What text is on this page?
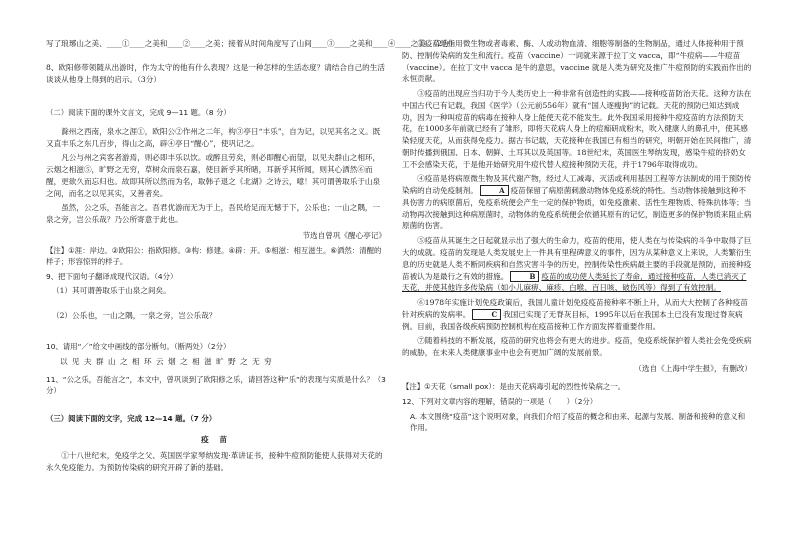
写了琅琊山之美、____①____之美和____②____之美；接着从时间角度写了山间____③____之美和____④____之美。（2分）

8、欧阳修带领随从出游时，作为太守的他有什么表现？这是一种怎样的生活态度？请结合自己的生活谈谈从他身上得到的启示。（3分）

（二）阅读下面的课外文言文，完成 9—11 题。（8 分）

滁州之西南，泉水之涯①，欧阳公②作州之二年，构③亭日“丰乐”，自为记，以见其名之义。既又直丰乐之东几百步，得山之高，辟④亭日“醒心”，使巩记之。

凡公与州之宾客者游焉，则必即丰乐以饮。或醉且劳矣，则必即醒心而望，以见夫群山之相环，云烟之相滋⑤，旷野之无穷，草树众而泉石嘉，使目新乎其所睹，耳新乎其所闻，则其心洒然⑥而醒，更欲久而忘归也。故即其所以然而为名，取韩子退之《北湖》之诗云，噫！其可谓善取乐于山泉之间，而名之以见其实，又善者矣。

虽然，公之乐，吾能言之。吾君优游而无为于上，吾民给足而无憾于下，公乐也；一山之隅，一泉之旁，岂公乐哉？乃公所寄意于此也。

节选自曾巩《醒心亭记》

【注】①涯：岸边。②欧阳公：指欧阳修。③构：修建。④辟：开。⑤相滋：相互滋生。⑥洒然：清醒的样子；形容惊异的样子。

9、把下面句子翻译成现代汉语。（4分）

（1）其可谓善取乐于山泉之间矣。

（2）公乐也，一山之隅，一泉之旁，岂公乐哉？

10、请用“／”给文中画线的部分断句。（断两处）（2分）

以 见 夫 群 山 之 相 环 云 烟 之 相 滋 旷 野 之 无 穷

11、“公之乐，吾能言之”，本文中，曾巩谈到了欧阳修之乐，请回答这种“乐”的表现与实质是什么？（3分）

（三）阅读下面的文字，完成 12—14 题。（7 分）

疫 苗

①十八世纪末，免疫学之父、英国医学家琴纳发现·革讲证书，接种牛痘预防能使人获得对天花的永久免疫能力。为预防传染病的研究开辟了新的基础。

②疫苗是指用微生物或者毒素、酶、人或动物血清、细胞等制备的生物制品，通过人体接种用于预防、控制传染病的发生和流行。疫苗（vaccine）一词就来源于拉丁文 vacca，即“牛痘病——牛痘苗（vaccine）。在拉丁文中 vacca 是牛的意思，vaccine 就是人类为研究及推广牛痘预防的实践而作出的永恒贡献。

③疫苗的出现应当归功于今人类历史上一种非常有创造性的实践——接种疫苗防治天花。这种方法在中国古代已有记载，我国《医学》（公元前556年）就有“国人逐瘦狗”的记载。天花的预防已知达到成功，因为一种叫痘苗的病毒在接种人身上能使天花不能发生。此外我国采用接种牛痘疫苗的方法预防天花，在1000多年前就已经有了雏形，即将天花病人身上的痘痂研成粉末，吹入健康人的鼻孔中，使其感染轻度天花，从而获得免疫力。据古书记载，天花接种在我国已有相当的研究，明朝开始在民间推广，清朝时传播到俄国、日本、朝鲜、土耳其以及英国等。18世纪末，英国医生琴纳发现，感染牛痘的挤奶女工不会感染天花，于是他开始研究用牛痘代替人痘接种预防天花，并于1796年取得成功。

④疫苗是将病原微生物及其代谢产物，经过人工减毒、灭活或利用基因工程等方法制成的用于预防传染病的自动免疫制剂。	A 疫苗保留了病原菌刺激动物体免疫系统的特性。当动物体接触到这种不具伤害力的病原菌后，免疫系统便会产生一定的保护物质，如免疫激素、活性生理物质、特殊抗体等；当动物再次接触到这种病原菌时，动物体的免疫系统便会依循其原有的记忆，制造更多的保护物质来阻止病原菌的伤害。

⑤疫苗从其诞生之日起就显示出了强大的生命力，疫苗的使用，使人类在与传染病的斗争中取得了巨大的成就。疫苗的发现是人类发展史上一件具有里程碑意义的事件，因为从某种意义上来说，人类繁衍生息的历史就是人类不断同疾病和自然灾害斗争的历史，控制传染性疾病最主要的手段就是预防，而接种疫苗被认为是最行之有效的措施。	B 疫苗的成功使人类延长了寿命，通过接种疫苗，人类已消灭了天花，并使其他许多传染病（如小儿麻痹、麻疹、白喉、百日咳、破伤风等）得到了有效控制。

⑥1978年实施计划免疫政策后，我国儿童计划免疫疫苗接种率不断上升，从而大大控制了各种疫苗针对疾病的发病率。	C 我国已实现了无脊灰目标，1995年以后在我国本土已没有发现过脊灰病例。目前，我国各级疾病预防控制机构在疫苗接种工作方面发挥着重要作用。

⑦随着科技的不断发展，疫苗的研究也将会有更大的进步。疫苗，免疫系统保护着人类社会免受疾病的威胁，在未来人类健康事业中也会有更加广阔的发展前景。

（选自《上海中学生报》，有删改）

【注】①天花（small pox）：是由天花病毒引起的烈性传染病之一。

12、下列对文章内容的理解，错误的一项是（　　）（2分）

A. 本文围绕“疫苗”这个说明对象，向我们介绍了疫苗的概念和由来、起源与发展、制备和接种的意义和作用。
